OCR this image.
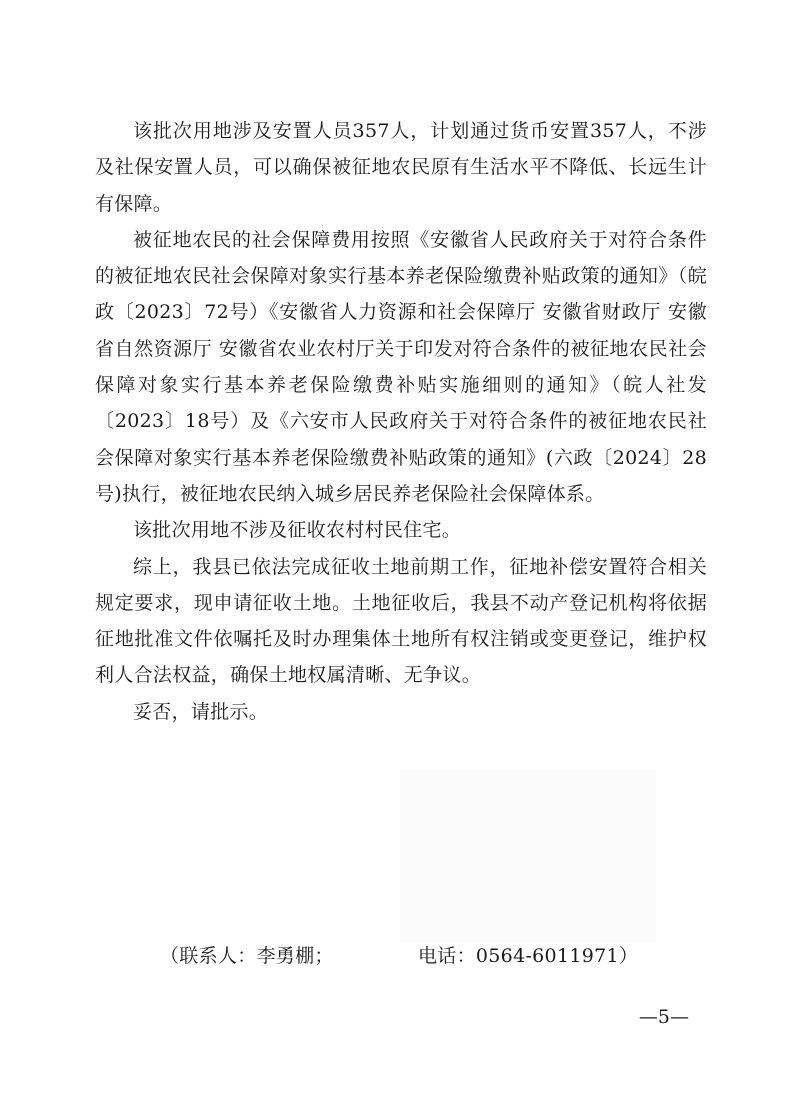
该批次用地涉及安置人员357人，计划通过货币安置357人，不涉及社保安置人员，可以确保被征地农民原有生活水平不降低、长远生计有保障。

被征地农民的社会保障费用按照《安徽省人民政府关于对符合条件的被征地农民社会保障对象实行基本养老保险缴费补贴政策的通知》（皖政〔2023〕72号）《安徽省人力资源和社会保障厅 安徽省财政厅 安徽省自然资源厅 安徽省农业农村厅关于印发对符合条件的被征地农民社会保障对象实行基本养老保险缴费补贴实施细则的通知》（皖人社发〔2023〕18号）及《六安市人民政府关于对符合条件的被征地农民社会保障对象实行基本养老保险缴费补贴政策的通知》(六政〔2024〕28号)执行，被征地农民纳入城乡居民养老保险社会保障体系。

该批次用地不涉及征收农村村民住宅。

综上，我县已依法完成征收土地前期工作，征地补偿安置符合相关规定要求，现申请征收土地。土地征收后，我县不动产登记机构将依据征地批准文件依嘱托及时办理集体土地所有权注销或变更登记，维护权利人合法权益，确保土地权属清晰、无争议。

妥否，请批示。

（联系人：李勇棚；	电话：0564-6011971）
—5—
